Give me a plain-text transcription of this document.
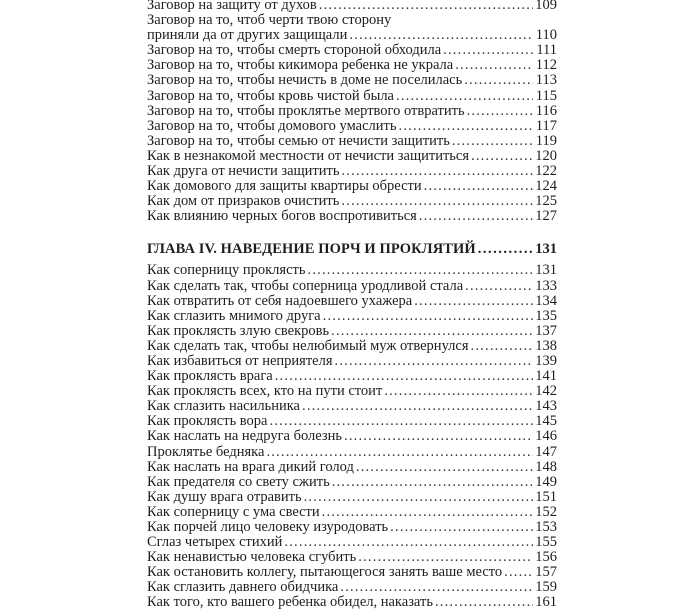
Заговор на защиту от духов .....	109
Заговор на то, чтоб черти твою сторону
приняли да от других защищали .....	110
Заговор на то, чтобы смерть стороной обходила .....	111
Заговор на то, чтобы кикимора ребенка не украла .....	112
Заговор на то, чтобы нечисть в доме не поселилась .....	113
Заговор на то, чтобы кровь чистой была .....	115
Заговор на то, чтобы проклятье мертвого отвратить .....	116
Заговор на то, чтобы домового умаслить .....	117
Заговор на то, чтобы семью от нечисти защитить .....	119
Как в незнакомой местности от нечисти защититься .....	120
Как друга от нечисти защитить .....	122
Как домового для защиты квартиры обрести .....	124
Как дом от призраков очистить .....	125
Как влиянию черных богов воспротивиться .....	127
ГЛАВА IV. НАВЕДЕНИЕ ПОРЧ И ПРОКЛЯТИЙ .....	131
Как соперницу проклясть .....	131
Как сделать так, чтобы соперница уродливой стала .....	133
Как отвратить от себя надоевшего ухажера .....	134
Как сглазить мнимого друга .....	135
Как проклясть злую свекровь .....	137
Как сделать так, чтобы нелюбимый муж отвернулся .....	138
Как избавиться от неприятеля .....	139
Как проклясть врага .....	141
Как проклясть всех, кто на пути стоит .....	142
Как сглазить насильника .....	143
Как проклясть вора .....	145
Как наслать на недруга болезнь .....	146
Проклятье бедняка .....	147
Как наслать на врага дикий голод .....	148
Как предателя со свету сжить .....	149
Как душу врага отравить .....	151
Как соперницу с ума свести .....	152
Как порчей лицо человеку изуродовать .....	153
Сглаз четырех стихий .....	155
Как ненавистью человека сгубить .....	156
Как остановить коллегу, пытающегося занять ваше место ..... 157
Как сглазить давнего обидчика .....	159
Как того, кто вашего ребенка обидел, наказать .....	161
